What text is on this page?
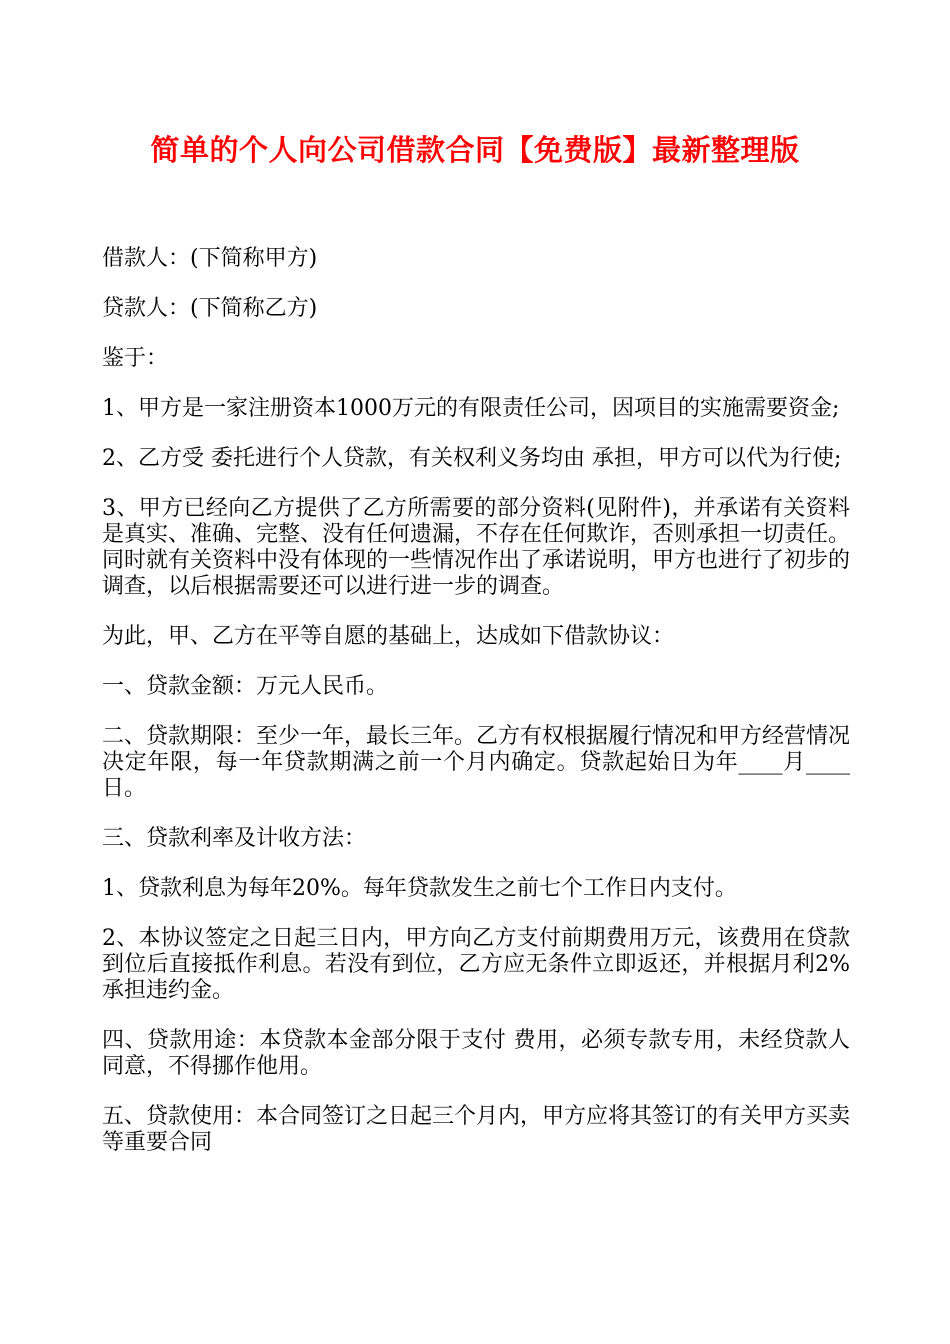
简单的个人向公司借款合同【免费版】最新整理版

借款人：(下简称甲方)

贷款人：(下简称乙方)

鉴于：

1、甲方是一家注册资本1000万元的有限责任公司，因项目的实施需要资金;

2、乙方受 委托进行个人贷款，有关权利义务均由 承担，甲方可以代为行使;

3、甲方已经向乙方提供了乙方所需要的部分资料(见附件)，并承诺有关资料是真实、准确、完整、没有任何遗漏，不存在任何欺诈，否则承担一切责任。同时就有关资料中没有体现的一些情况作出了承诺说明，甲方也进行了初步的调查，以后根据需要还可以进行进一步的调查。

为此，甲、乙方在平等自愿的基础上，达成如下借款协议：

一、贷款金额：万元人民币。

二、贷款期限：至少一年，最长三年。乙方有权根据履行情况和甲方经营情况决定年限，每一年贷款期满之前一个月内确定。贷款起始日为年____月____日。

三、贷款利率及计收方法：

1、贷款利息为每年20%。每年贷款发生之前七个工作日内支付。

2、本协议签定之日起三日内，甲方向乙方支付前期费用万元，该费用在贷款到位后直接抵作利息。若没有到位，乙方应无条件立即返还，并根据月利2%承担违约金。

四、贷款用途：本贷款本金部分限于支付 费用，必须专款专用，未经贷款人同意，不得挪作他用。

五、贷款使用：本合同签订之日起三个月内，甲方应将其签订的有关甲方买卖等重要合同
